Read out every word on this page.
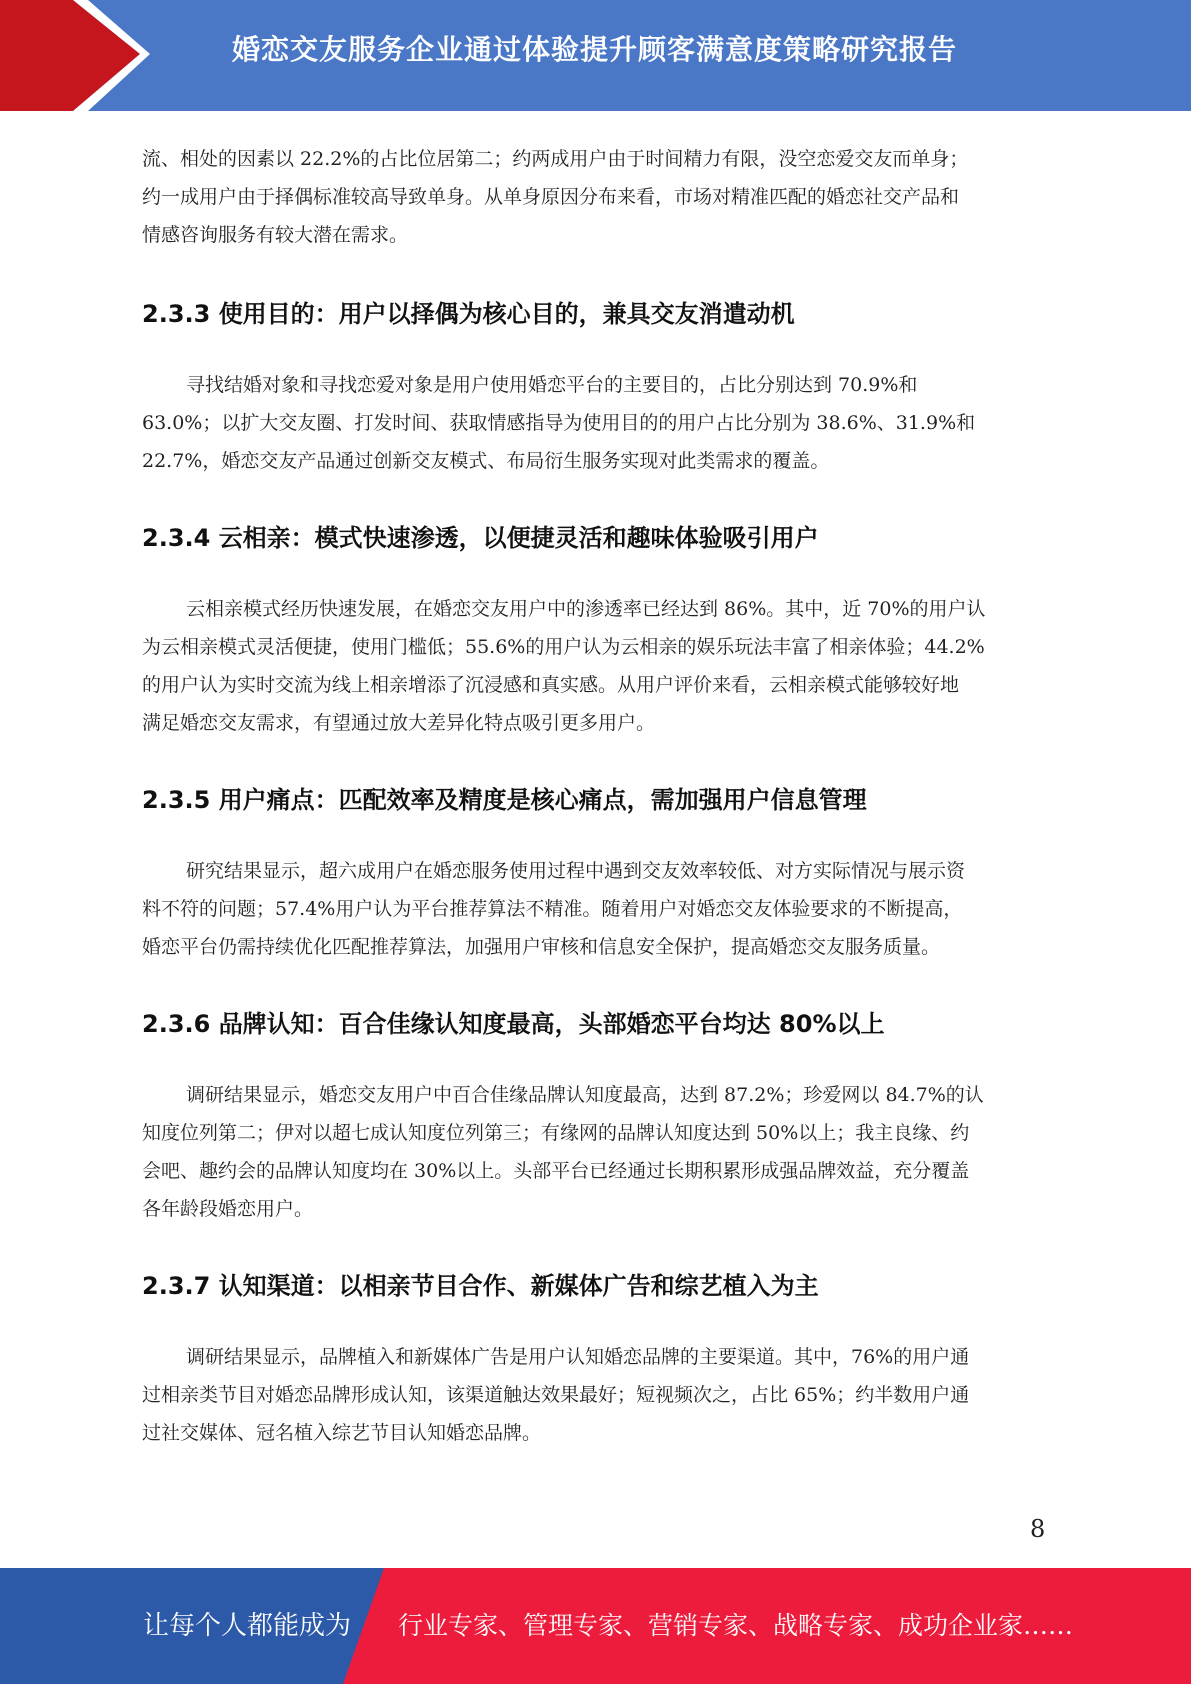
婚恋交友服务企业通过体验提升顾客满意度策略研究报告

流、相处的因素以 22.2%的占比位居第二；约两成用户由于时间精力有限，没空恋爱交友而单身；

约一成用户由于择偶标准较高导致单身。从单身原因分布来看，市场对精准匹配的婚恋社交产品和

情感咨询服务有较大潜在需求。

2.3.3 使用目的：用户以择偶为核心目的，兼具交友消遣动机

寻找结婚对象和寻找恋爱对象是用户使用婚恋平台的主要目的，占比分别达到 70.9%和

63.0%；以扩大交友圈、打发时间、获取情感指导为使用目的的用户占比分别为 38.6%、31.9%和

22.7%，婚恋交友产品通过创新交友模式、布局衍生服务实现对此类需求的覆盖。

2.3.4 云相亲：模式快速渗透，以便捷灵活和趣味体验吸引用户

云相亲模式经历快速发展，在婚恋交友用户中的渗透率已经达到 86%。其中，近 70%的用户认

为云相亲模式灵活便捷，使用门槛低；55.6%的用户认为云相亲的娱乐玩法丰富了相亲体验；44.2%

的用户认为实时交流为线上相亲增添了沉浸感和真实感。从用户评价来看，云相亲模式能够较好地

满足婚恋交友需求，有望通过放大差异化特点吸引更多用户。

2.3.5 用户痛点：匹配效率及精度是核心痛点，需加强用户信息管理

研究结果显示，超六成用户在婚恋服务使用过程中遇到交友效率较低、对方实际情况与展示资

料不符的问题；57.4%用户认为平台推荐算法不精准。随着用户对婚恋交友体验要求的不断提高，

婚恋平台仍需持续优化匹配推荐算法，加强用户审核和信息安全保护，提高婚恋交友服务质量。

2.3.6 品牌认知：百合佳缘认知度最高，头部婚恋平台均达 80%以上

调研结果显示，婚恋交友用户中百合佳缘品牌认知度最高，达到 87.2%；珍爱网以 84.7%的认

知度位列第二；伊对以超七成认知度位列第三；有缘网的品牌认知度达到 50%以上；我主良缘、约

会吧、趣约会的品牌认知度均在 30%以上。头部平台已经通过长期积累形成强品牌效益，充分覆盖

各年龄段婚恋用户。

2.3.7 认知渠道：以相亲节目合作、新媒体广告和综艺植入为主

调研结果显示，品牌植入和新媒体广告是用户认知婚恋品牌的主要渠道。其中，76%的用户通

过相亲类节目对婚恋品牌形成认知，该渠道触达效果最好；短视频次之，占比 65%；约半数用户通

过社交媒体、冠名植入综艺节目认知婚恋品牌。

8
让每个人都能成为 行业专家、管理专家、营销专家、战略专家、成功企业家……
